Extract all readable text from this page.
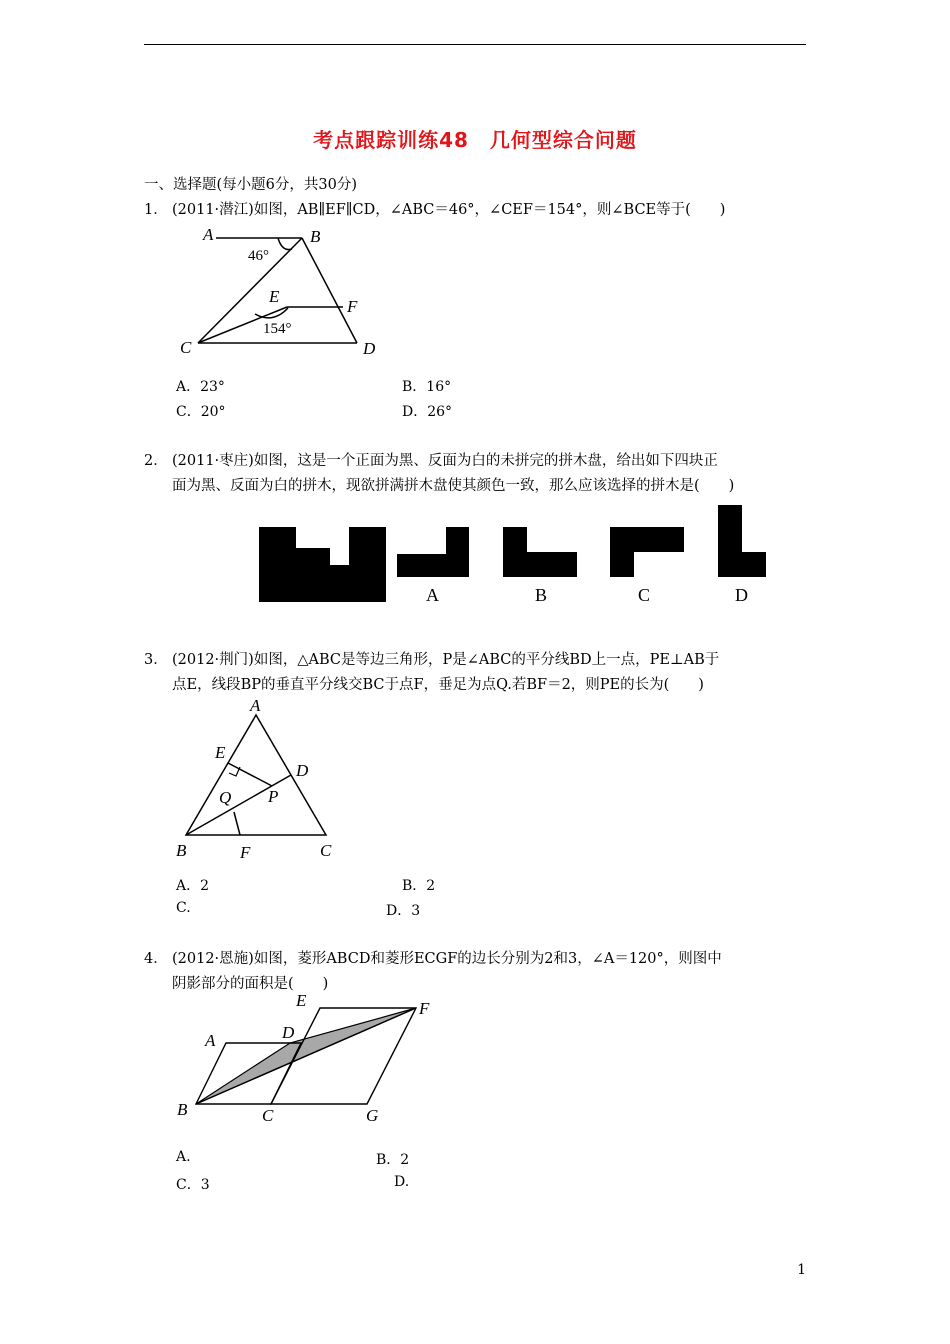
考点跟踪训练48　几何型综合问题
一、选择题(每小题6分，共30分)
1． (2011·潜江)如图，AB∥EF∥CD，∠ABC＝46°，∠CEF＝154°，则∠BCE等于(　　)
A	B
C	D
E
F
46°
154°
A．23°	B．16°
C．20°	D．26°
2． (2011·枣庄)如图，这是一个正面为黑、反面为白的未拼完的拼木盘，给出如下四块正
面为黑、反面为白的拼木，现欲拼满拼木盘使其颜色一致，那么应该选择的拼木是(　　)
A	B	C	D
3． (2012·荆门)如图，△ABC是等边三角形，P是∠ABC的平分线BD上一点，PE⊥AB于
点E，线段BP的垂直平分线交BC于点F，垂足为点Q.若BF＝2，则PE的长为(　　)
A
B	C
D
E
F
P
Q
A．2	B．2
C.	D．3
4． (2012·恩施)如图，菱形ABCD和菱形ECGF的边长分别为2和3，∠A＝120°，则图中
阴影部分的面积是(　　)
A
B	C
D
E	F
G
A.	B．2
C．3	D.
1
